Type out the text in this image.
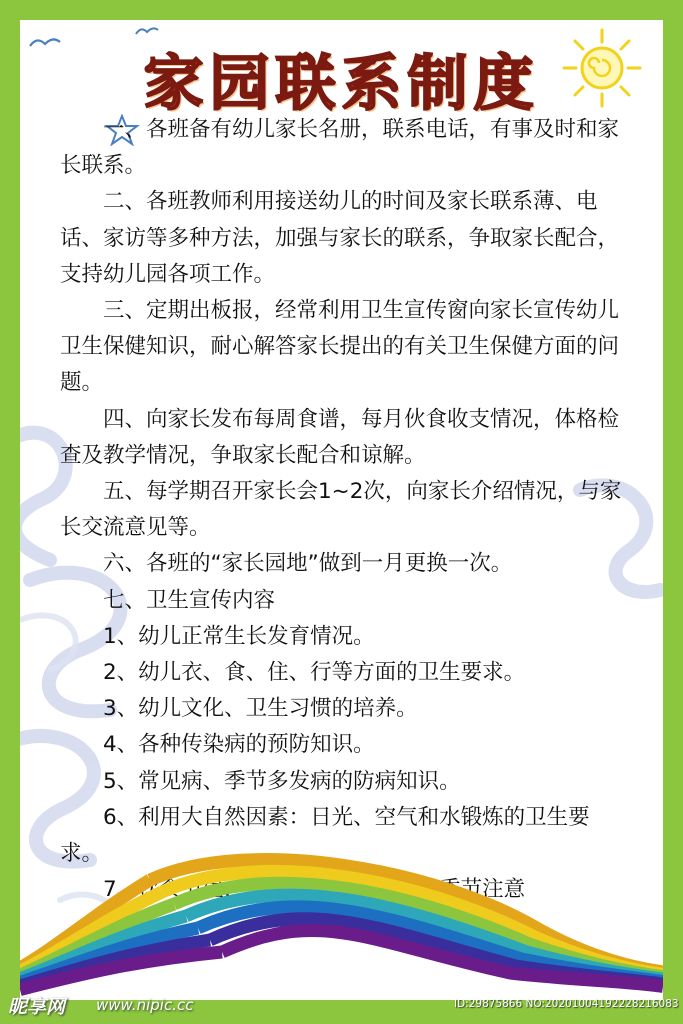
家园联系制度

一、各班备有幼儿家长名册，联系电话，有事及时和家长联系。

二、各班教师利用接送幼儿的时间及家长联系薄、电话、家访等多种方法，加强与家长的联系，争取家长配合，支持幼儿园各项工作。

三、定期出板报，经常利用卫生宣传窗向家长宣传幼儿卫生保健知识，耐心解答家长提出的有关卫生保健方面的问题。

四、向家长发布每周食谱，每月伙食收支情况，体格检查及教学情况，争取家长配合和谅解。

五、每学期召开家长会1~2次，向家长介绍情况，与家长交流意见等。

六、各班的“家长园地”做到一月更换一次。

七、卫生宣传内容

1、幼儿正常生长发育情况。

2、幼儿衣、食、住、行等方面的卫生要求。

3、幼儿文化、卫生习惯的培养。

4、各种传染病的预防知识。

5、常见病、季节多发病的防病知识。

6、利用大自然因素：日光、空气和水锻炼的卫生要求。

7、饮食卫生，营养卫生知识（冬春季节注意

昵享网 www.nipic.cc	ID:29875866 NO:20201004192228216083
